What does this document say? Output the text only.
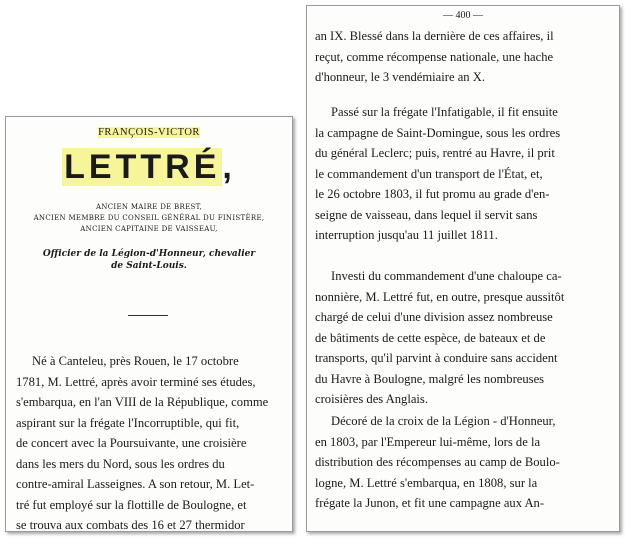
FRANÇOIS-VICTOR
LETTRÉ,
ANCIEN MAIRE DE BREST,
ANCIEN MEMBRE DU CONSEIL GÉNÉRAL DU FINISTÈRE,
ANCIEN CAPITAINE DE VAISSEAU,
Officier de la Légion-d'Honneur, chevalier
de Saint-Louis.
Né à Canteleu, près Rouen, le 17 octobre
1781, M. Lettré, après avoir terminé ses études,
s'embarqua, en l'an VIII de la République, comme
aspirant sur la frégate l'Incorruptible, qui fit,
de concert avec la Poursuivante, une croisière
dans les mers du Nord, sous les ordres du
contre-amiral Lasseignes. A son retour, M. Let-
tré fut employé sur la flottille de Boulogne, et
se trouva aux combats des 16 et 27 thermidor
— 400 —
an IX. Blessé dans la dernière de ces affaires, il
reçut, comme récompense nationale, une hache
d'honneur, le 3 vendémiaire an X.
Passé sur la frégate l'Infatigable, il fit ensuite
la campagne de Saint-Domingue, sous les ordres
du général Leclerc; puis, rentré au Havre, il prit
le commandement d'un transport de l'État, et,
le 26 octobre 1803, il fut promu au grade d'en-
seigne de vaisseau, dans lequel il servit sans
interruption jusqu'au 11 juillet 1811.
Investi du commandement d'une chaloupe ca-
nonnière, M. Lettré fut, en outre, presque aussitôt
chargé de celui d'une division assez nombreuse
de bâtiments de cette espèce, de bateaux et de
transports, qu'il parvint à conduire sans accident
du Havre à Boulogne, malgré les nombreuses
croisières des Anglais.
Décoré de la croix de la Légion - d'Honneur,
en 1803, par l'Empereur lui-même, lors de la
distribution des récompenses au camp de Boulo-
logne, M. Lettré s'embarqua, en 1808, sur la
frégate la Junon, et fit une campagne aux An-
